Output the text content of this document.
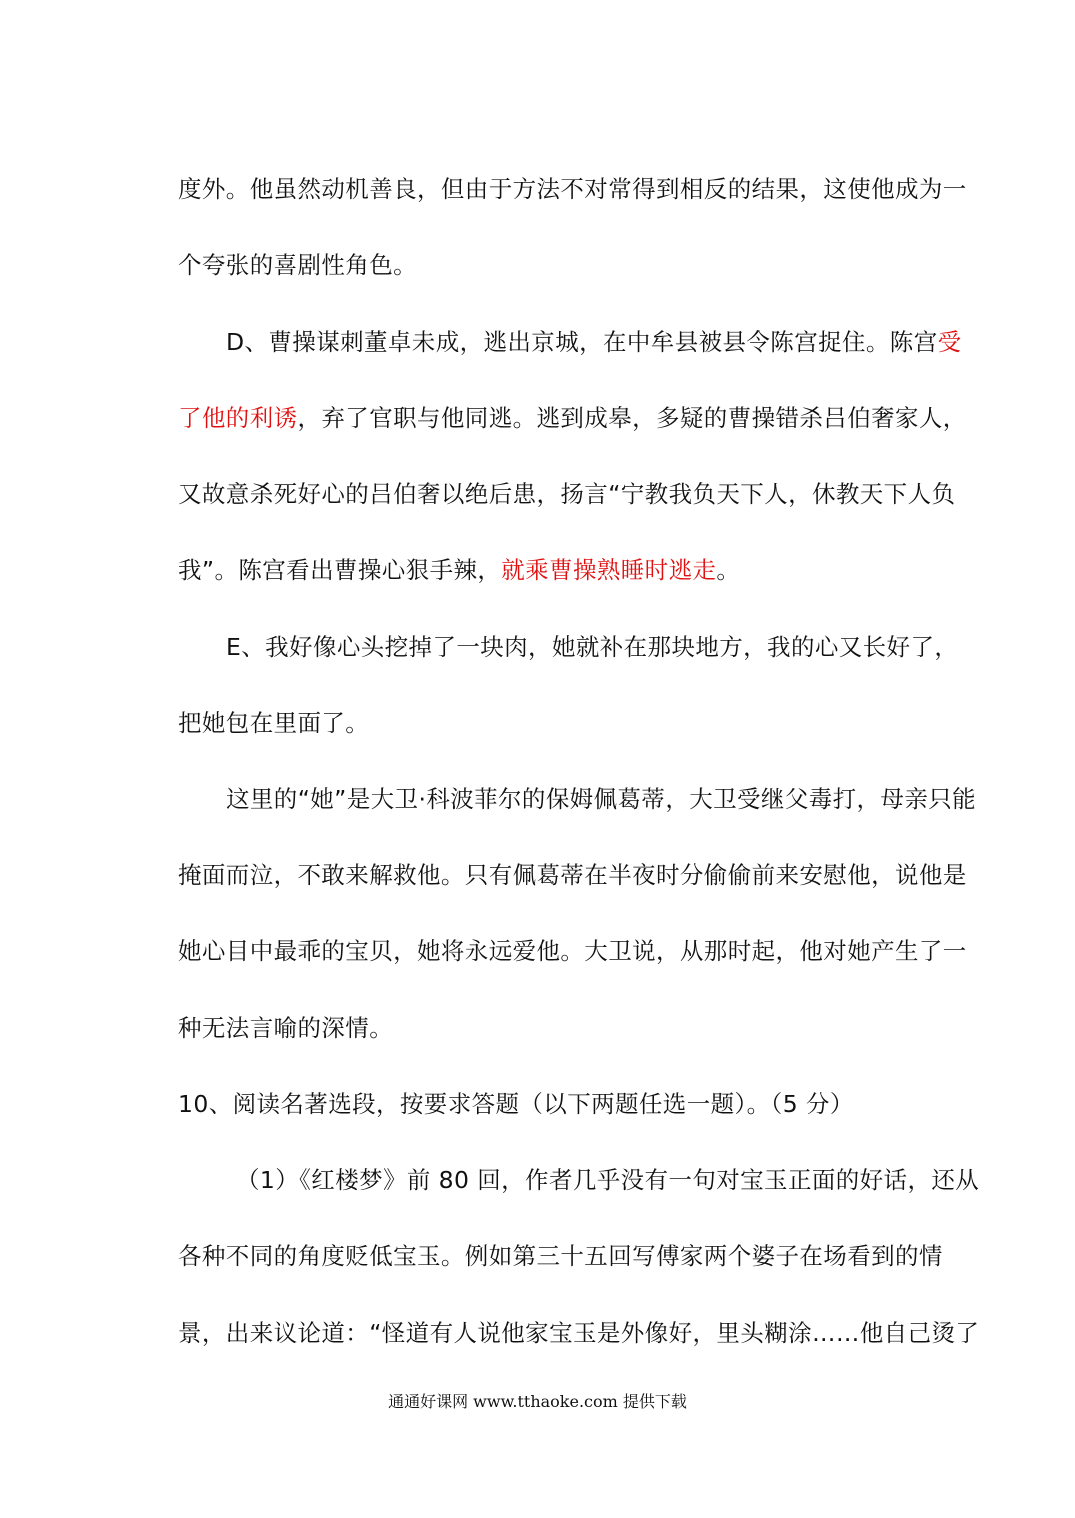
度外。他虽然动机善良，但由于方法不对常得到相反的结果，这使他成为一
个夸张的喜剧性角色。
D、曹操谋刺董卓未成，逃出京城，在中牟县被县令陈宫捉住。陈宫受
了他的利诱，弃了官职与他同逃。逃到成皋，多疑的曹操错杀吕伯奢家人，
又故意杀死好心的吕伯奢以绝后患，扬言“宁教我负天下人，休教天下人负
我”。陈宫看出曹操心狠手辣，就乘曹操熟睡时逃走。
E、我好像心头挖掉了一块肉，她就补在那块地方，我的心又长好了，
把她包在里面了。
这里的“她”是大卫·科波菲尔的保姆佩葛蒂，大卫受继父毒打，母亲只能
掩面而泣，不敢来解救他。只有佩葛蒂在半夜时分偷偷前来安慰他，说他是
她心目中最乖的宝贝，她将永远爱他。大卫说，从那时起，他对她产生了一
种无法言喻的深情。
10、阅读名著选段，按要求答题（以下两题任选一题）。（5 分）
（1）《红楼梦》前 80 回，作者几乎没有一句对宝玉正面的好话，还从
各种不同的角度贬低宝玉。例如第三十五回写傅家两个婆子在场看到的情
景，出来议论道：“怪道有人说他家宝玉是外像好，里头糊涂……他自己烫了
通通好课网 www.tthaoke.com 提供下载
